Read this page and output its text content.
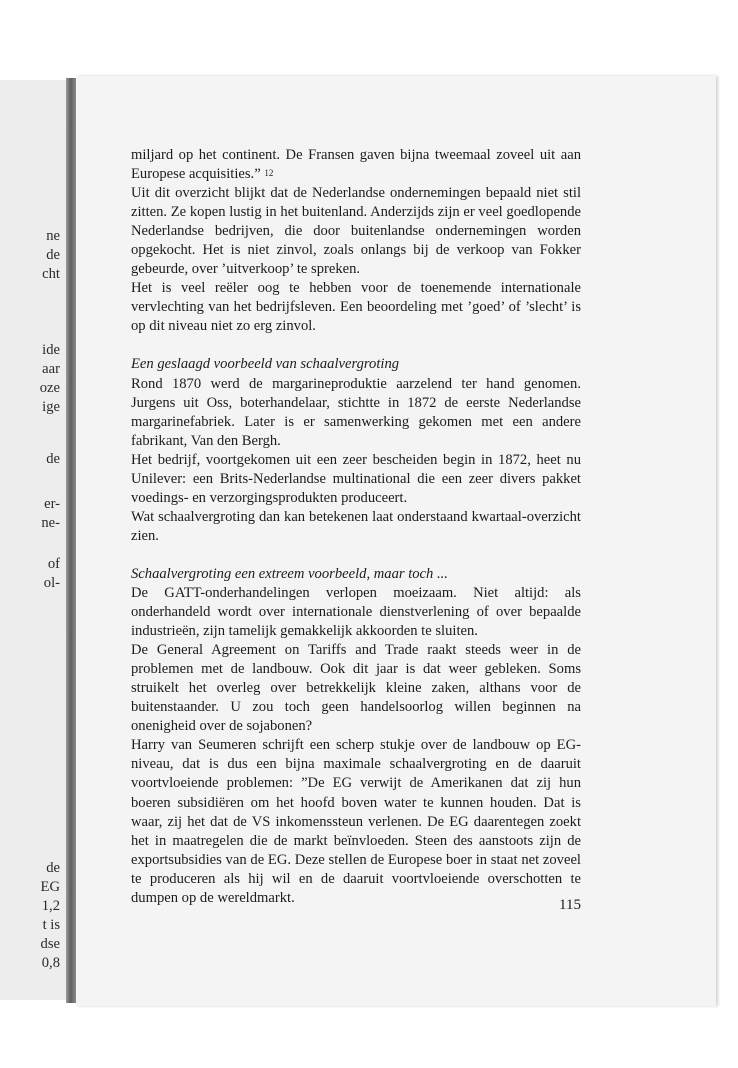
ne
de
cht
ide
aar
oze
ige
de
er-
ne-
of
ol-
de
EG
1,2
t is
dse
0,8

miljard op het continent. De Fransen gaven bijna tweemaal zoveel uit aan Europese acquisities.” $^{12}$

Uit dit overzicht blijkt dat de Nederlandse ondernemingen bepaald niet stil zitten. Ze kopen lustig in het buitenland. Anderzijds zijn er veel goedlopende Nederlandse bedrijven, die door buitenlandse ondernemingen worden opgekocht. Het is niet zinvol, zoals onlangs bij de verkoop van Fokker gebeurde, over ’uitverkoop’ te spreken.

Het is veel reëler oog te hebben voor de toenemende internationale vervlechting van het bedrijfsleven. Een beoordeling met ’goed’ of ’slecht’ is op dit niveau niet zo erg zinvol.

Een geslaagd voorbeeld van schaalvergroting

Rond 1870 werd de margarineproduktie aarzelend ter hand genomen. Jurgens uit Oss, boterhandelaar, stichtte in 1872 de eerste Nederlandse margarinefabriek. Later is er samenwerking gekomen met een andere fabrikant, Van den Bergh.

Het bedrijf, voortgekomen uit een zeer bescheiden begin in 1872, heet nu Unilever: een Brits-Nederlandse multinational die een zeer divers pakket voedings- en verzorgingsprodukten produceert.

Wat schaalvergroting dan kan betekenen laat onderstaand kwartaal-overzicht zien.

Schaalvergroting een extreem voorbeeld, maar toch ...

De GATT-onderhandelingen verlopen moeizaam. Niet altijd: als onderhandeld wordt over internationale dienstverlening of over bepaalde industrieën, zijn tamelijk gemakkelijk akkoorden te sluiten.

De General Agreement on Tariffs and Trade raakt steeds weer in de problemen met de landbouw. Ook dit jaar is dat weer gebleken. Soms struikelt het overleg over betrekkelijk kleine zaken, althans voor de buitenstaander. U zou toch geen handelsoorlog willen beginnen na onenigheid over de sojabonen?

Harry van Seumeren schrijft een scherp stukje over de landbouw op EG-niveau, dat is dus een bijna maximale schaalvergroting en de daaruit voortvloeiende problemen: ”De EG verwijt de Amerikanen dat zij hun boeren subsidiëren om het hoofd boven water te kunnen houden. Dat is waar, zij het dat de VS inkomenssteun verlenen. De EG daarentegen zoekt het in maatregelen die de markt beïnvloeden. Steen des aanstoots zijn de exportsubsidies van de EG. Deze stellen de Europese boer in staat net zoveel te produceren als hij wil en de daaruit voortvloeiende overschotten te dumpen op de wereldmarkt.	115
